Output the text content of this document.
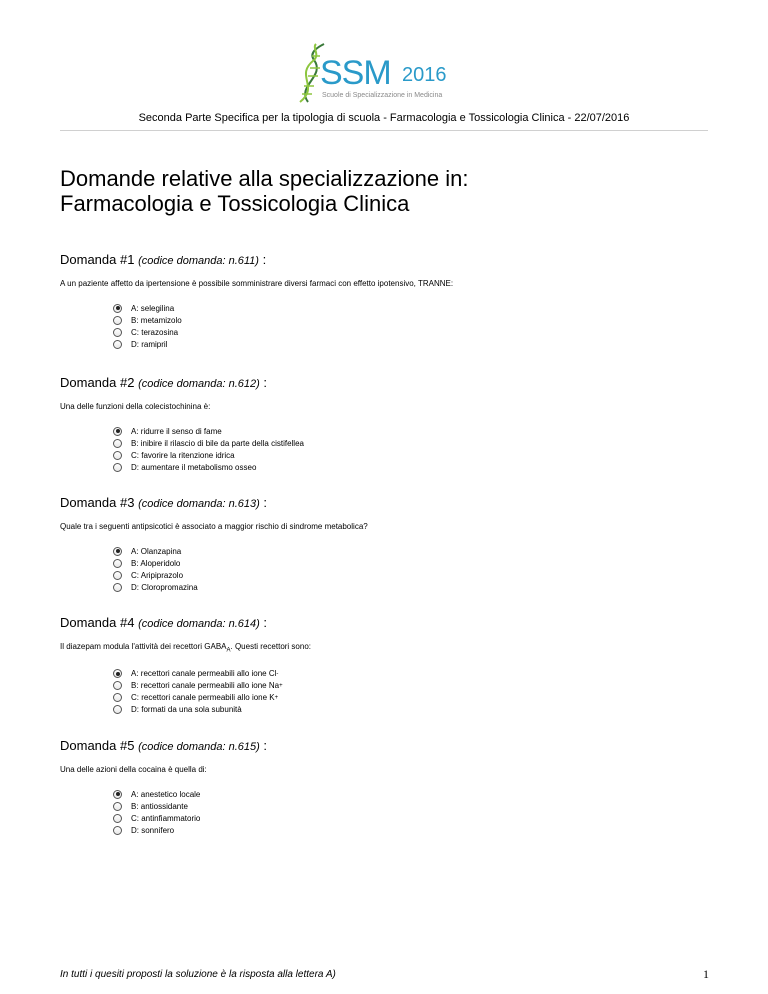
SSM 2016
Scuole di Specializzazione in Medicina
Seconda Parte Specifica per la tipologia di scuola - Farmacologia e Tossicologia Clinica - 22/07/2016
Domande relative alla specializzazione in:
Farmacologia e Tossicologia Clinica
Domanda #1 (codice domanda: n.611) :
A un paziente affetto da ipertensione è possibile somministrare diversi farmaci con effetto ipotensivo, TRANNE:
A: selegilina
B: metamizolo
C: terazosina
D: ramipril
Domanda #2 (codice domanda: n.612) :
Una delle funzioni della colecistochinina è:
A: ridurre il senso di fame
B: inibire il rilascio di bile da parte della cistifellea
C: favorire la ritenzione idrica
D: aumentare il metabolismo osseo
Domanda #3 (codice domanda: n.613) :
Quale tra i seguenti antipsicotici è associato a maggior rischio di sindrome metabolica?
A: Olanzapina
B: Aloperidolo
C: Aripiprazolo
D: Cloropromazina
Domanda #4 (codice domanda: n.614) :
Il diazepam modula l'attività dei recettori $GABA_A$. Questi recettori sono:
A: recettori canale permeabili allo ione Cl -
B: recettori canale permeabili allo ione Na +
C: recettori canale permeabili allo ione K +
D: formati da una sola subunità
Domanda #5 (codice domanda: n.615) :
Una delle azioni della cocaina è quella di:
A: anestetico locale
B: antiossidante
C: antinfiammatorio
D: sonnifero
In tutti i quesiti proposti la soluzione è la risposta alla lettera A)	1
